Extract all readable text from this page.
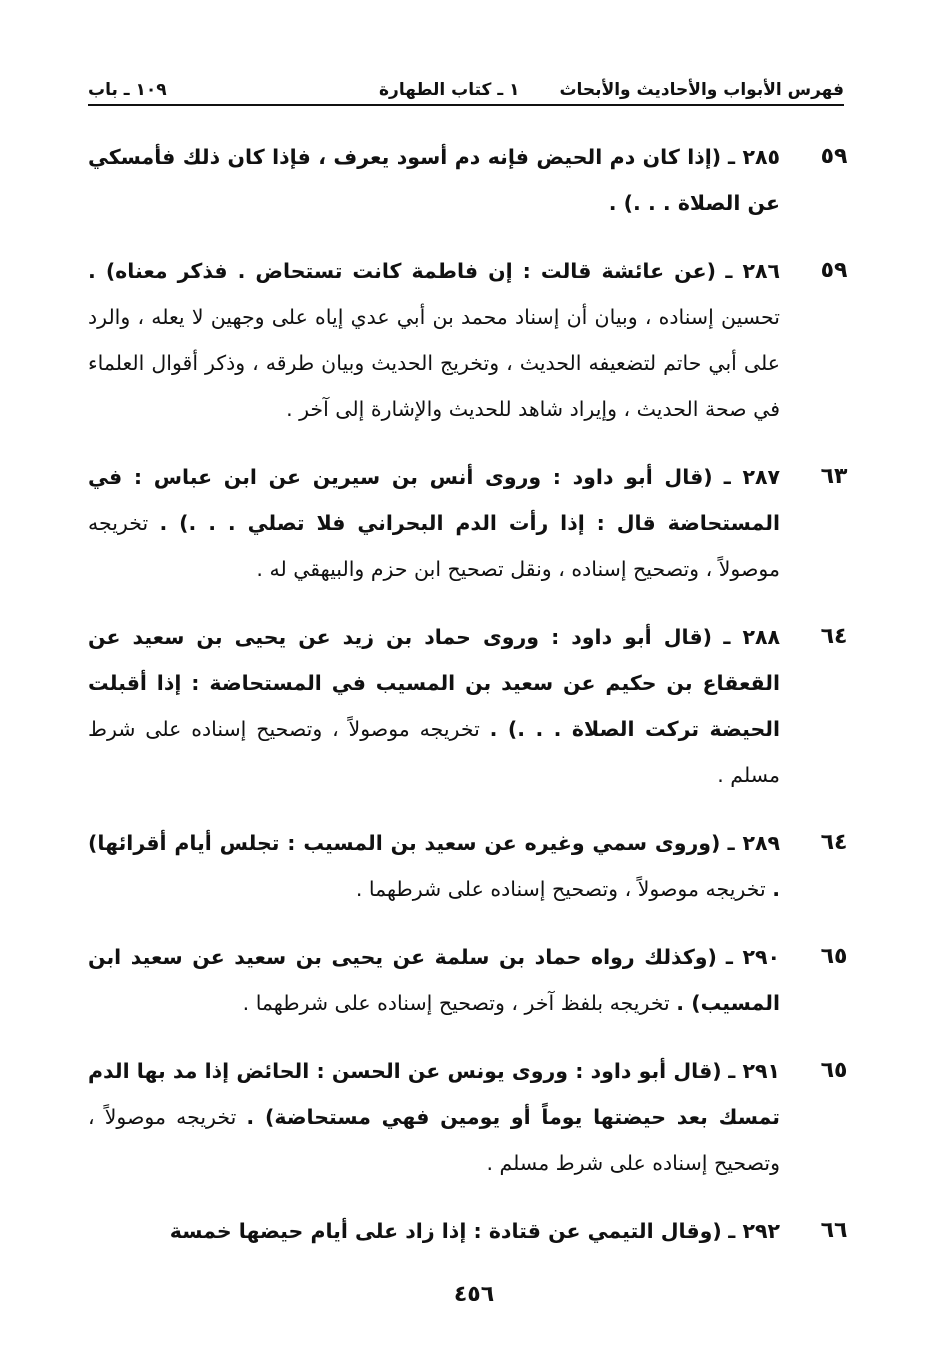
فهرس الأبواب والأحاديث والأبحاث
١ ـ كتاب الطهارة
١٠٩ ـ باب
٥٩
٢٨٥ ـ (إذا كان دم الحيض فإنه دم أسود يعرف ، فإذا كان ذلك فأمسكي عن الصلاة . . .) .
٥٩
٢٨٦ ـ (عن عائشة قالت : إن فاطمة كانت تستحاض . فذكر معناه) . تحسين إسناده ، وبيان أن إسناد محمد بن أبي عدي إياه على وجهين لا يعله ، والرد على أبي حاتم لتضعيفه الحديث ، وتخريج الحديث وبيان طرقه ، وذكر أقوال العلماء في صحة الحديث ، وإيراد شاهد للحديث والإشارة إلى آخر .
٦٣
٢٨٧ ـ (قال أبو داود : وروى أنس بن سيرين عن ابن عباس : في المستحاضة قال : إذا رأت الدم البحراني فلا تصلي . . .) . تخريجه موصولاً ، وتصحيح إسناده ، ونقل تصحيح ابن حزم والبيهقي له .
٦٤
٢٨٨ ـ (قال أبو داود : وروى حماد بن زيد عن يحيى بن سعيد عن القعقاع بن حكيم عن سعيد بن المسيب في المستحاضة : إذا أقبلت الحيضة تركت الصلاة . . .) . تخريجه موصولاً ، وتصحيح إسناده على شرط مسلم .
٦٤
٢٨٩ ـ (وروى سمي وغيره عن سعيد بن المسيب : تجلس أيام أقرائها) . تخريجه موصولاً ، وتصحيح إسناده على شرطهما .
٦٥
٢٩٠ ـ (وكذلك رواه حماد بن سلمة عن يحيى بن سعيد عن سعيد ابن المسيب) . تخريجه بلفظ آخر ، وتصحيح إسناده على شرطهما .
٦٥
٢٩١ ـ (قال أبو داود : وروى يونس عن الحسن : الحائض إذا مد بها الدم تمسك بعد حيضتها يوماً أو يومين فهي مستحاضة) . تخريجه موصولاً ، وتصحيح إسناده على شرط مسلم .
٦٦
٢٩٢ ـ (وقال التيمي عن قتادة : إذا زاد على أيام حيضها خمسة
٤٥٦
